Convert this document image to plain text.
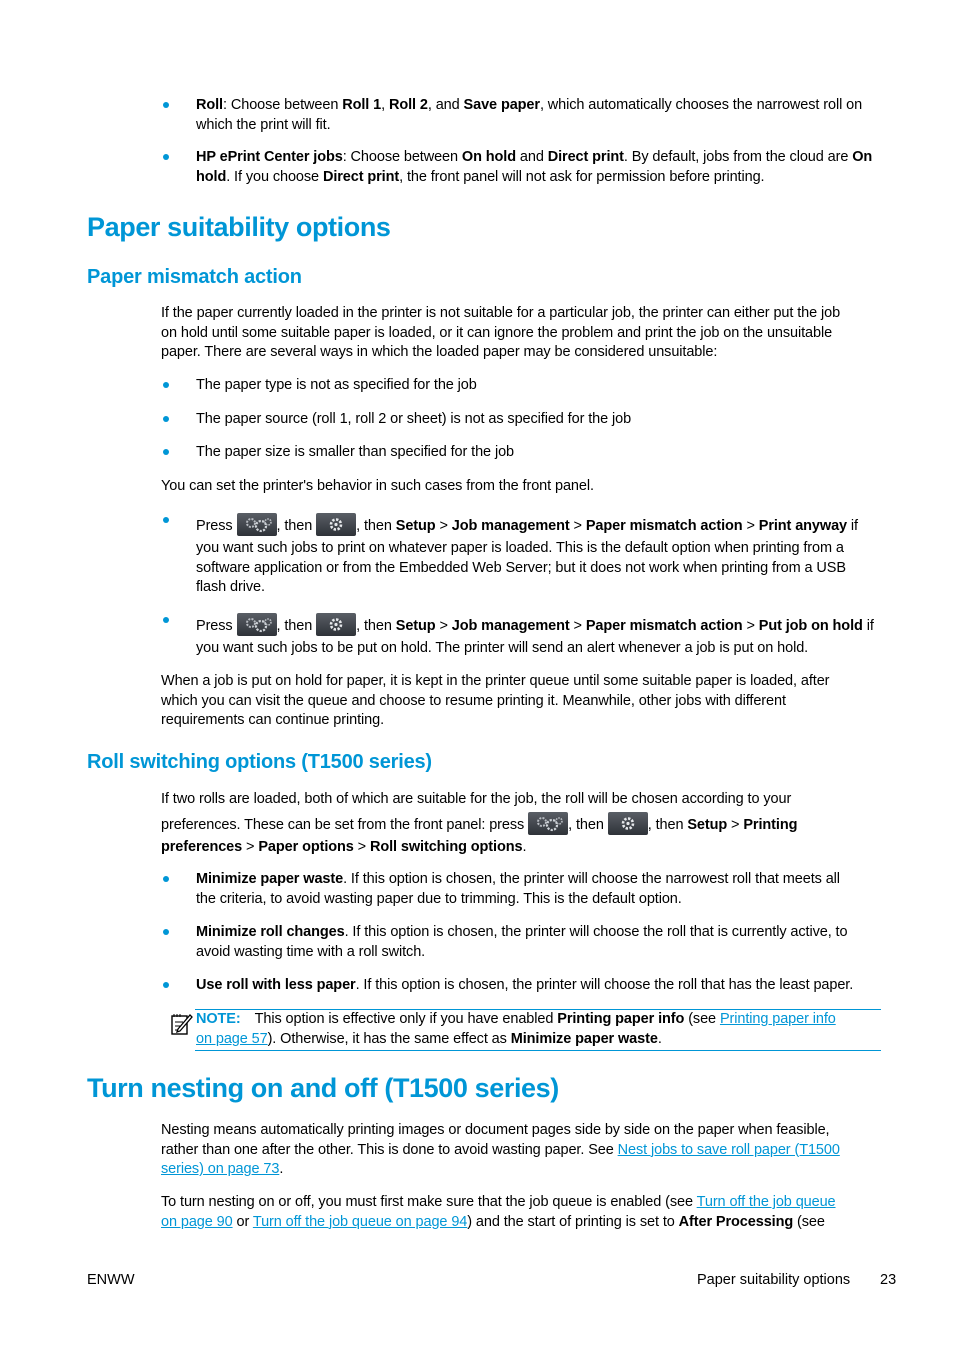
Roll: Choose between Roll 1, Roll 2, and Save paper, which automatically chooses the narrowest roll on
which the print will fit.
HP ePrint Center jobs: Choose between On hold and Direct print. By default, jobs from the cloud are On
hold. If you choose Direct print, the front panel will not ask for permission before printing.
Paper suitability options
Paper mismatch action
If the paper currently loaded in the printer is not suitable for a particular job, the printer can either put the job
on hold until some suitable paper is loaded, or it can ignore the problem and print the job on the unsuitable
paper. There are several ways in which the loaded paper may be considered unsuitable:
The paper type is not as specified for the job
The paper source (roll 1, roll 2 or sheet) is not as specified for the job
The paper size is smaller than specified for the job
You can set the printer's behavior in such cases from the front panel.
Press	, then	, then Setup > Job management > Paper mismatch action > Print anyway if
you want such jobs to print on whatever paper is loaded. This is the default option when printing from a
software application or from the Embedded Web Server; but it does not work when printing from a USB
flash drive.
Press	, then	, then Setup > Job management > Paper mismatch action > Put job on hold if
you want such jobs to be put on hold. The printer will send an alert whenever a job is put on hold.
When a job is put on hold for paper, it is kept in the printer queue until some suitable paper is loaded, after
which you can visit the queue and choose to resume printing it. Meanwhile, other jobs with different
requirements can continue printing.
Roll switching options (T1500 series)
If two rolls are loaded, both of which are suitable for the job, the roll will be chosen according to your
preferences. These can be set from the front panel: press	, then	, then Setup > Printing
preferences > Paper options > Roll switching options.
Minimize paper waste. If this option is chosen, the printer will choose the narrowest roll that meets all
the criteria, to avoid wasting paper due to trimming. This is the default option.
Minimize roll changes. If this option is chosen, the printer will choose the roll that is currently active, to
avoid wasting time with a roll switch.
Use roll with less paper. If this option is chosen, the printer will choose the roll that has the least paper.
NOTE: This option is effective only if you have enabled Printing paper info (see Printing paper info
on page 57). Otherwise, it has the same effect as Minimize paper waste.
Turn nesting on and off (T1500 series)
Nesting means automatically printing images or document pages side by side on the paper when feasible,
rather than one after the other. This is done to avoid wasting paper. See Nest jobs to save roll paper (T1500
series) on page 73.
To turn nesting on or off, you must first make sure that the job queue is enabled (see Turn off the job queue
on page 90 or Turn off the job queue on page 94) and the start of printing is set to After Processing (see
ENWW	Paper suitability options 23
